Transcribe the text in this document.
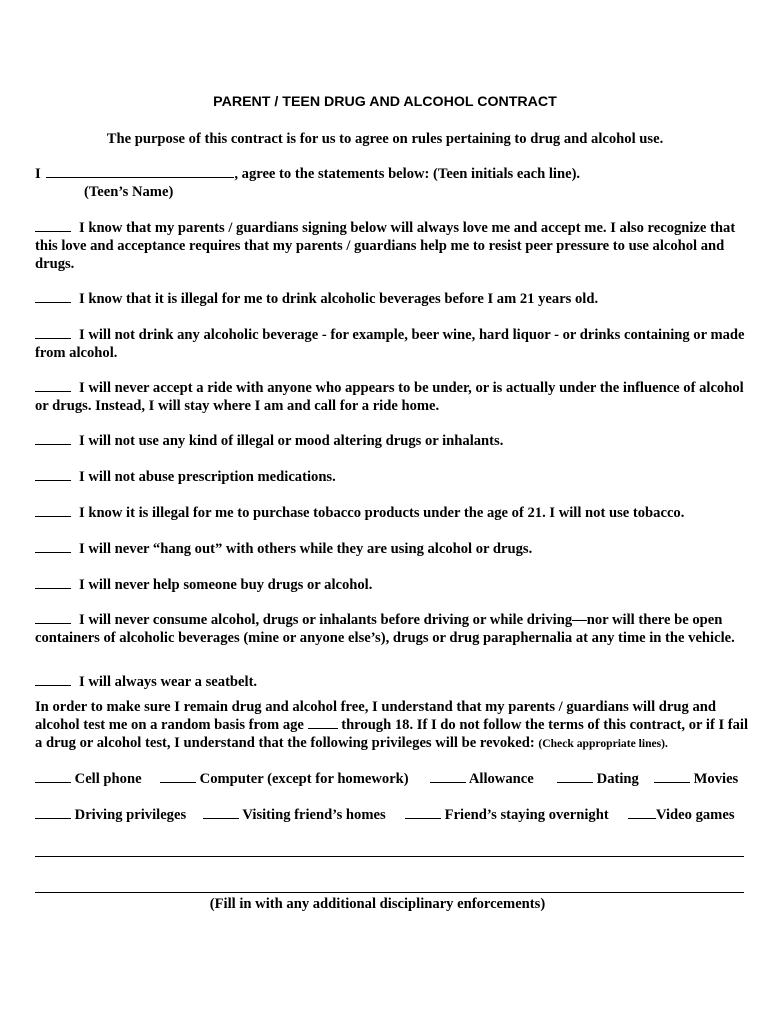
PARENT / TEEN DRUG AND ALCOHOL CONTRACT
The purpose of this contract is for us to agree on rules pertaining to drug and alcohol use.
I	, agree to the statements below: (Teen initials each line).
(Teen’s Name)
I know that my parents / guardians signing below will always love me and accept me. I also recognize that this love and acceptance requires that my parents / guardians help me to resist peer pressure to use alcohol and drugs.
I know that it is illegal for me to drink alcoholic beverages before I am 21 years old.
I will not drink any alcoholic beverage - for example, beer wine, hard liquor - or drinks containing or made from alcohol.
I will never accept a ride with anyone who appears to be under, or is actually under the influence of alcohol or drugs. Instead, I will stay where I am and call for a ride home.
I will not use any kind of illegal or mood altering drugs or inhalants.
I will not abuse prescription medications.
I know it is illegal for me to purchase tobacco products under the age of 21. I will not use tobacco.
I will never “hang out” with others while they are using alcohol or drugs.
I will never help someone buy drugs or alcohol.
I will never consume alcohol, drugs or inhalants before driving or while driving—nor will there be open containers of alcoholic beverages (mine or anyone else’s), drugs or drug paraphernalia at any time in the vehicle.
I will always wear a seatbelt.
In order to make sure I remain drug and alcohol free, I understand that my parents / guardians will drug and alcohol test me on a random basis from age	through 18. If I do not follow the terms of this contract, or if I fail a drug or alcohol test, I understand that the following privileges will be revoked: (Check appropriate lines).
Cell phone	Computer (except for homework)	Allowance	Dating	Movies
Driving privileges	Visiting friend’s homes	Friend’s staying overnight	Video games
(Fill in with any additional disciplinary enforcements)
